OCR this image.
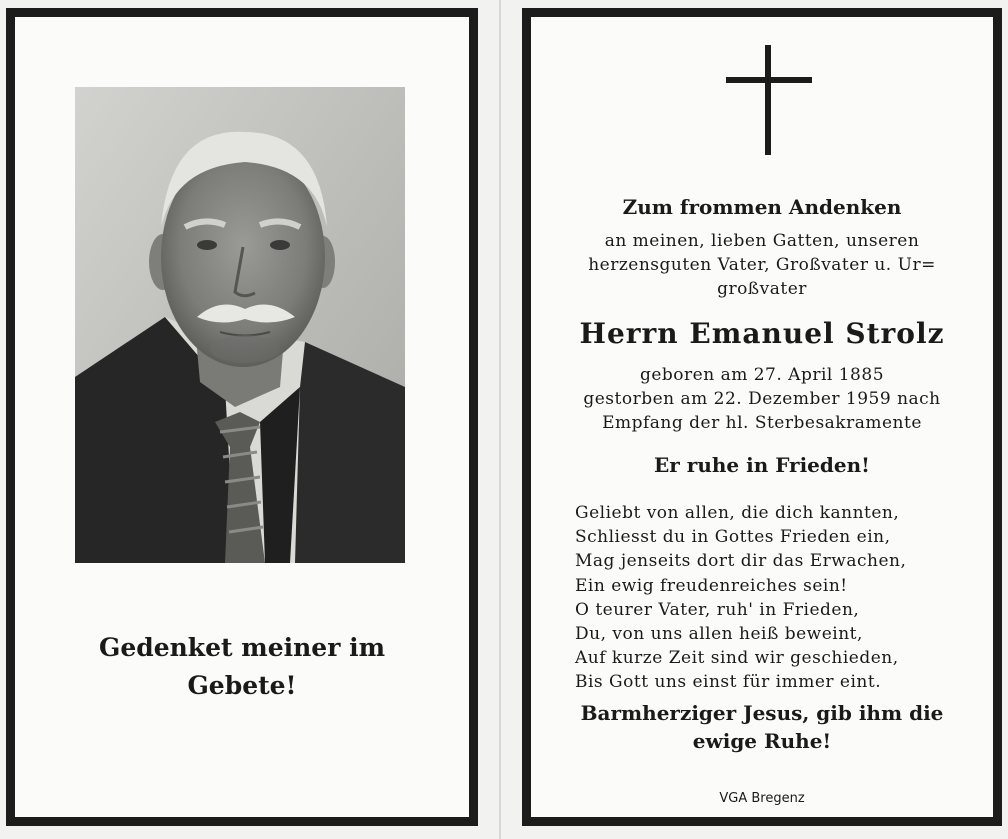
Gedenket meiner im
Gebete!
Zum frommen Andenken
an meinen, lieben Gatten, unseren
herzensguten Vater, Großvater u. Ur=
großvater
Herrn Emanuel Strolz
geboren am 27. April 1885
gestorben am 22. Dezember 1959 nach
Empfang der hl. Sterbesakramente
Er ruhe in Frieden!
Geliebt von allen, die dich kannten,
Schliesst du in Gottes Frieden ein,
Mag jenseits dort dir das Erwachen,
Ein ewig freudenreiches sein!
O teurer Vater, ruh' in Frieden,
Du, von uns allen heiß beweint,
Auf kurze Zeit sind wir geschieden,
Bis Gott uns einst für immer eint.
Barmherziger Jesus, gib ihm die
ewige Ruhe!
VGA Bregenz
